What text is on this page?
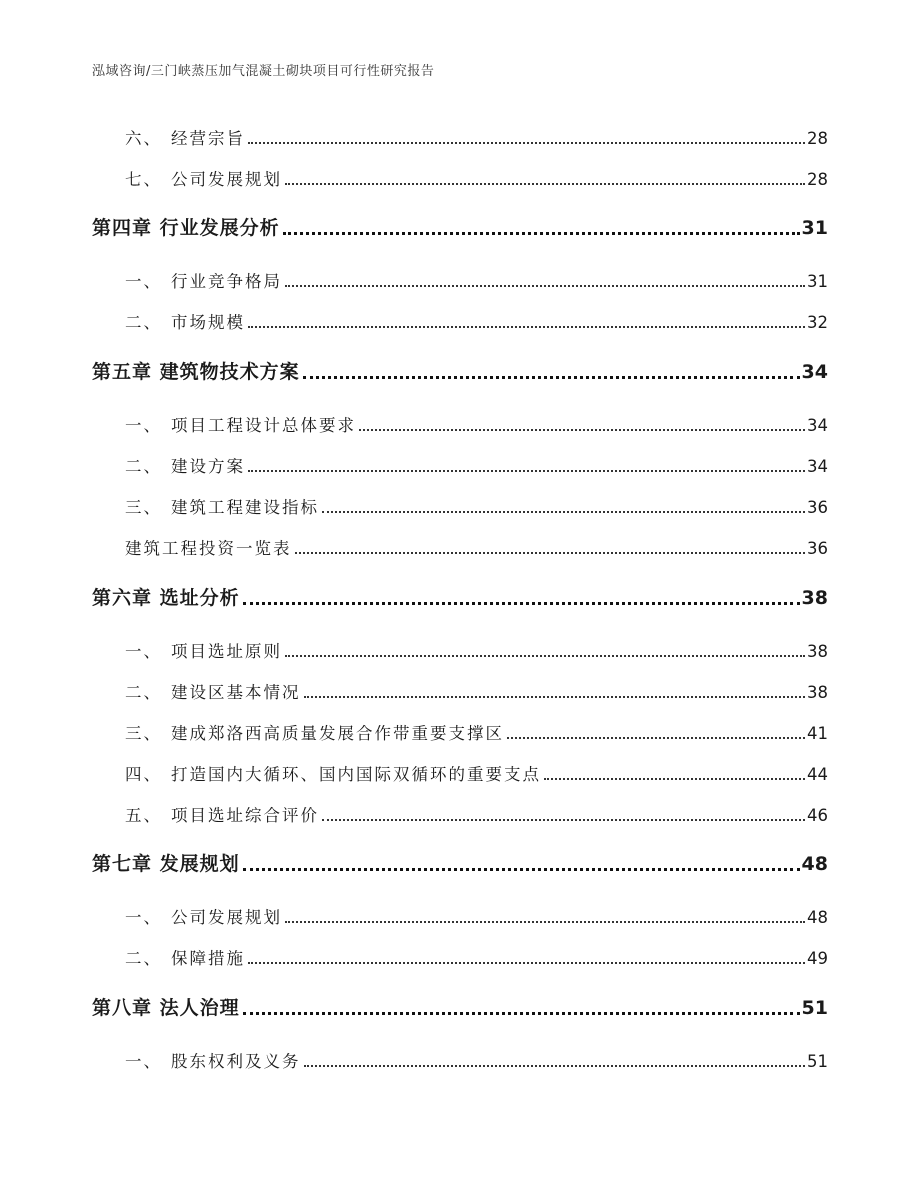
泓域咨询/三门峡蒸压加气混凝土砌块项目可行性研究报告
六、 经营宗旨	28
七、 公司发展规划	28
第四章 行业发展分析	31
一、 行业竞争格局	31
二、 市场规模	32
第五章 建筑物技术方案	34
一、 项目工程设计总体要求	34
二、 建设方案	34
三、 建筑工程建设指标	36
建筑工程投资一览表	36
第六章 选址分析	38
一、 项目选址原则	38
二、 建设区基本情况	38
三、 建成郑洛西高质量发展合作带重要支撑区	41
四、 打造国内大循环、国内国际双循环的重要支点	44
五、 项目选址综合评价	46
第七章 发展规划	48
一、 公司发展规划	48
二、 保障措施	49
第八章 法人治理	51
一、 股东权利及义务	51
